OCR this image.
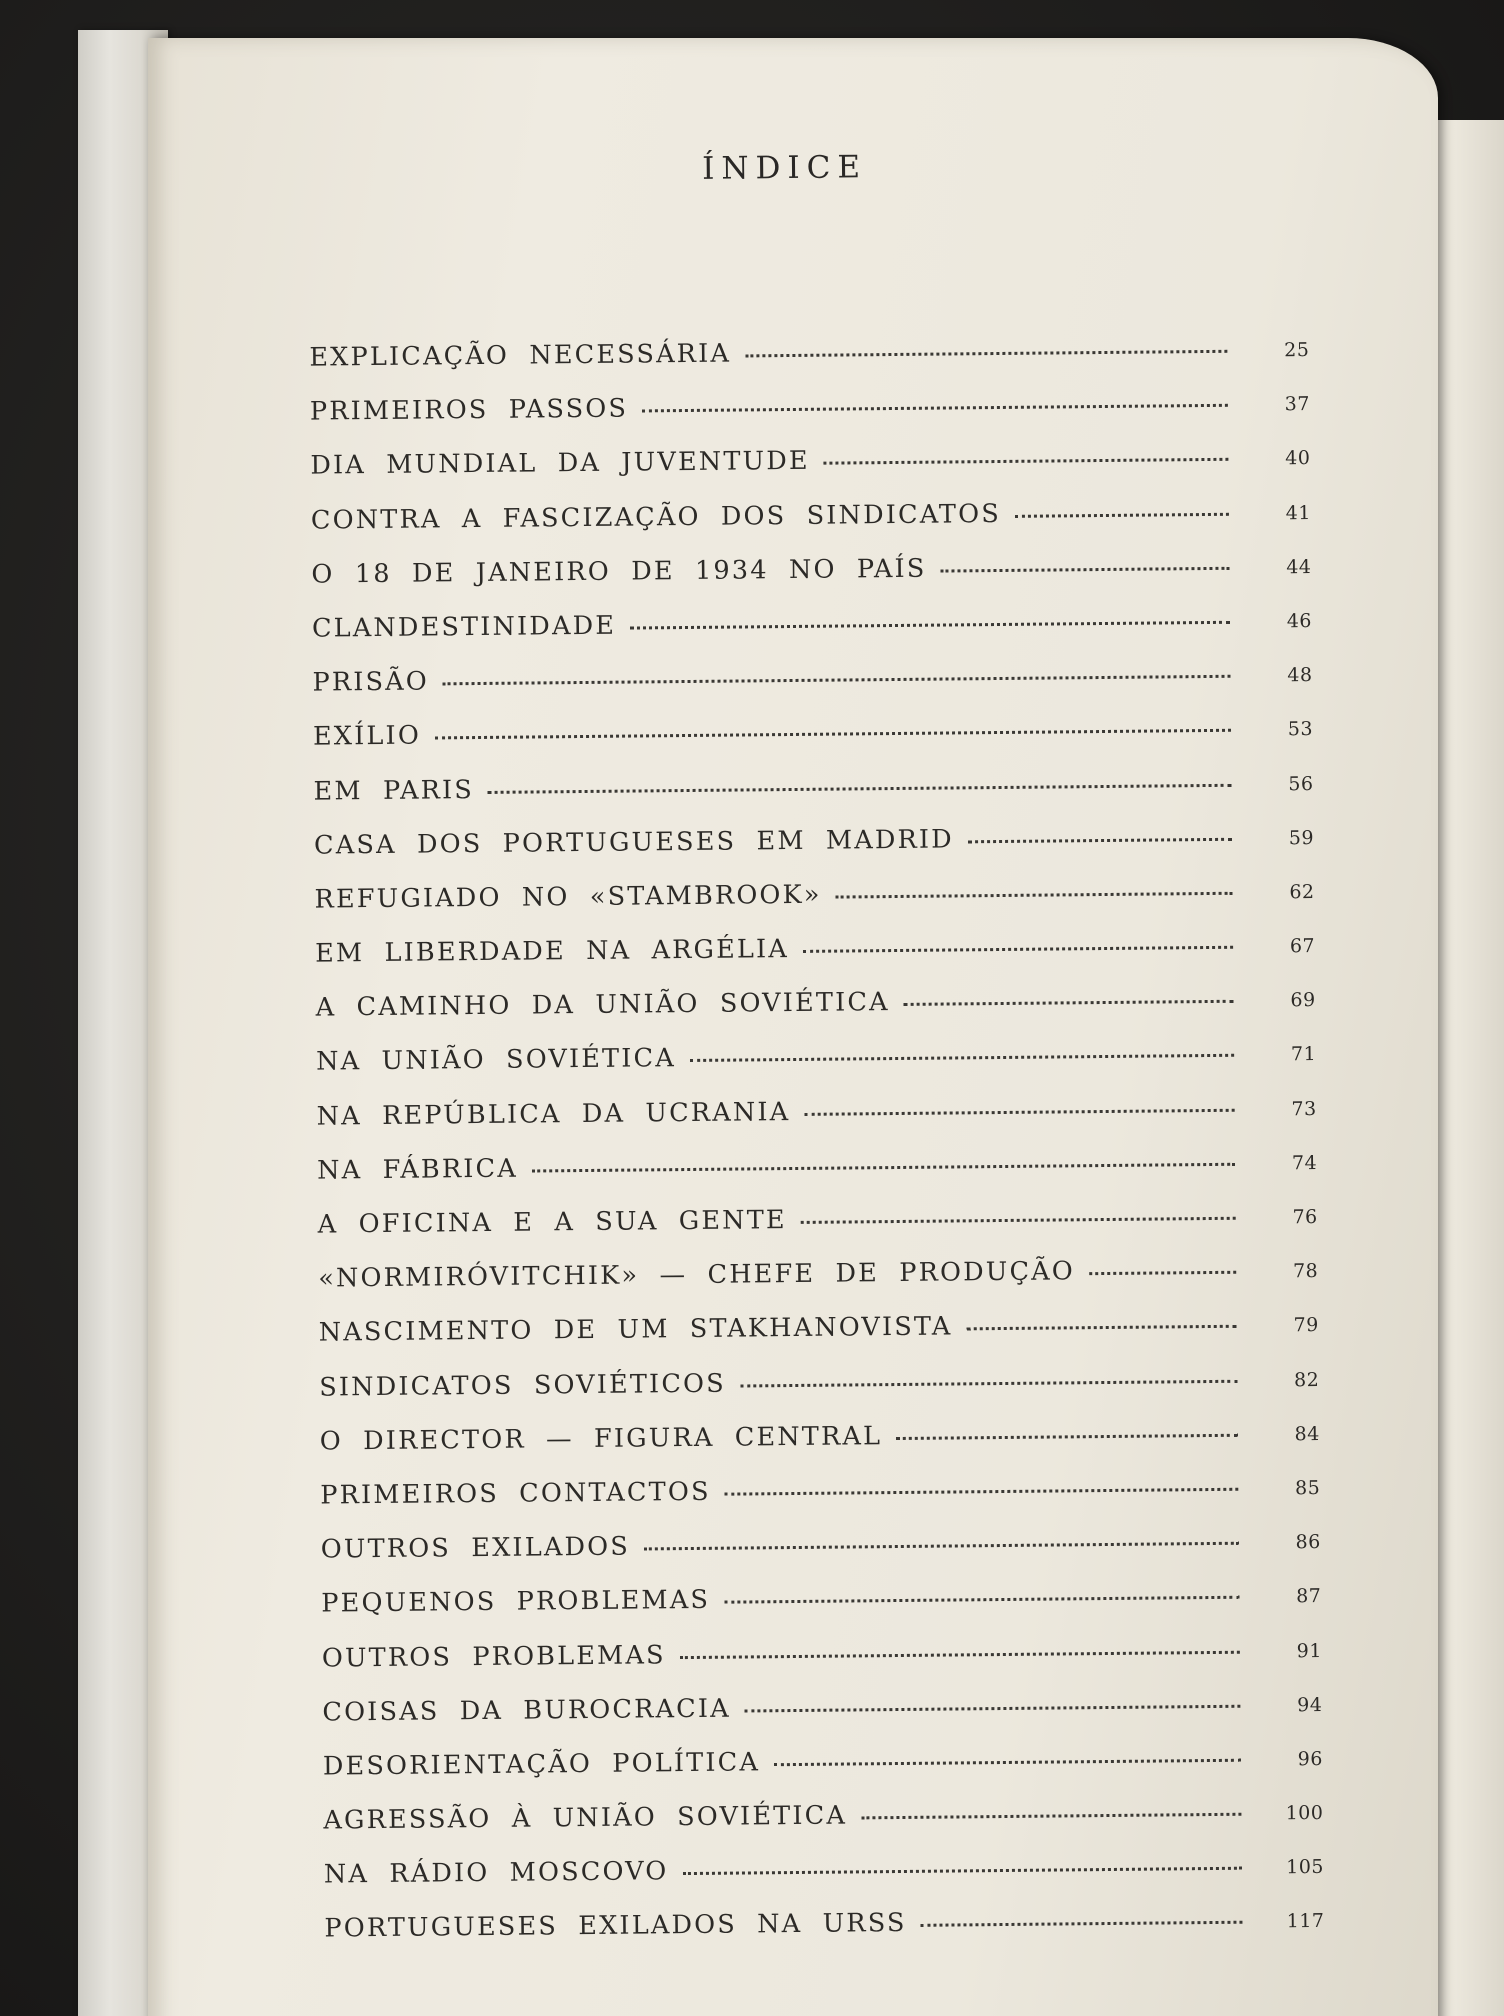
ÍNDICE
EXPLICAÇÃO NECESSÁRIA	25
PRIMEIROS PASSOS	37
DIA MUNDIAL DA JUVENTUDE	40
CONTRA A FASCIZAÇÃO DOS SINDICATOS	41
O 18 DE JANEIRO DE 1934 NO PAÍS	44
CLANDESTINIDADE	46
PRISÃO	48
EXÍLIO	53
EM PARIS	56
CASA DOS PORTUGUESES EM MADRID	59
REFUGIADO NO «STAMBROOK»	62
EM LIBERDADE NA ARGÉLIA	67
A CAMINHO DA UNIÃO SOVIÉTICA	69
NA UNIÃO SOVIÉTICA	71
NA REPÚBLICA DA UCRANIA	73
NA FÁBRICA	74
A OFICINA E A SUA GENTE	76
«NORMIRÓVITCHIK» — CHEFE DE PRODUÇÃO	78
NASCIMENTO DE UM STAKHANOVISTA	79
SINDICATOS SOVIÉTICOS	82
O DIRECTOR — FIGURA CENTRAL	84
PRIMEIROS CONTACTOS	85
OUTROS EXILADOS	86
PEQUENOS PROBLEMAS	87
OUTROS PROBLEMAS	91
COISAS DA BUROCRACIA	94
DESORIENTAÇÃO POLÍTICA	96
AGRESSÃO À UNIÃO SOVIÉTICA	100
NA RÁDIO MOSCOVO	105
PORTUGUESES EXILADOS NA URSS	117
